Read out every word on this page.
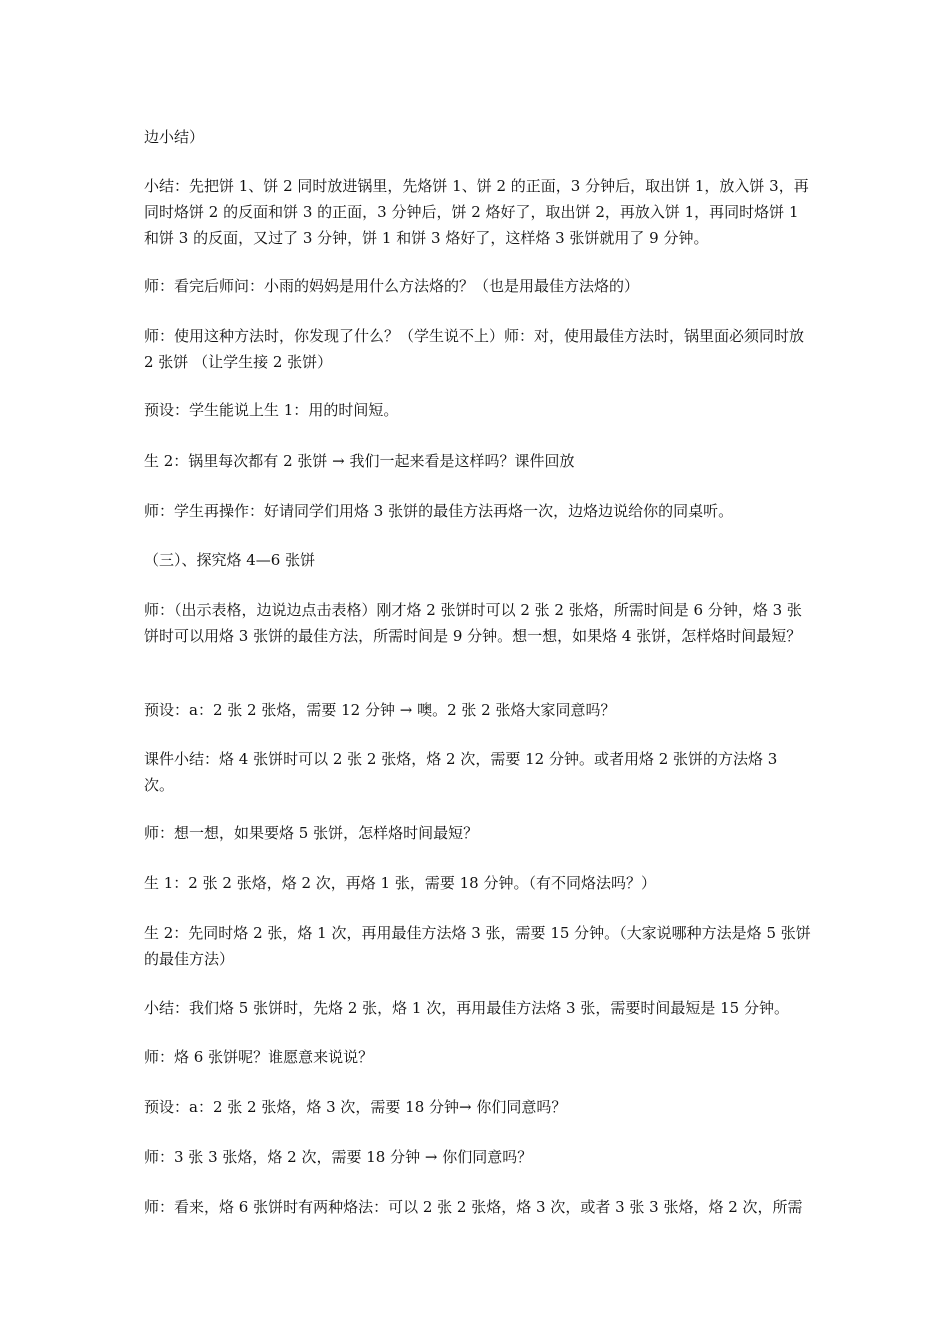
边小结）

小结：先把饼 1、饼 2 同时放进锅里，先烙饼 1、饼 2 的正面，3 分钟后，取出饼 1，放入饼 3，再同时烙饼 2 的反面和饼 3 的正面，3 分钟后，饼 2 烙好了，取出饼 2，再放入饼 1，再同时烙饼 1 和饼 3 的反面，又过了 3 分钟，饼 1 和饼 3 烙好了，这样烙 3 张饼就用了 9 分钟。

师：看完后师问：小雨的妈妈是用什么方法烙的？（也是用最佳方法烙的）

师：使用这种方法时，你发现了什么？（学生说不上）师：对，使用最佳方法时，锅里面必须同时放 2 张饼 （让学生接 2 张饼）

预设：学生能说上生 1：用的时间短。

生 2：锅里每次都有 2 张饼 → 我们一起来看是这样吗？课件回放

师：学生再操作：好请同学们用烙 3 张饼的最佳方法再烙一次，边烙边说给你的同桌听。

（三）、探究烙 4—6 张饼

师：（出示表格，边说边点击表格）刚才烙 2 张饼时可以 2 张 2 张烙，所需时间是 6 分钟，烙 3 张饼时可以用烙 3 张饼的最佳方法，所需时间是 9 分钟。想一想，如果烙 4 张饼，怎样烙时间最短？

预设：a：2 张 2 张烙，需要 12 分钟 → 噢。2 张 2 张烙大家同意吗？

课件小结：烙 4 张饼时可以 2 张 2 张烙，烙 2 次，需要 12 分钟。或者用烙 2 张饼的方法烙 3 次。

师：想一想，如果要烙 5 张饼，怎样烙时间最短？

生 1：2 张 2 张烙，烙 2 次，再烙 1 张，需要 18 分钟。（有不同烙法吗？）

生 2：先同时烙 2 张，烙 1 次，再用最佳方法烙 3 张，需要 15 分钟。（大家说哪种方法是烙 5 张饼的最佳方法）

小结：我们烙 5 张饼时，先烙 2 张，烙 1 次，再用最佳方法烙 3 张，需要时间最短是 15 分钟。

师：烙 6 张饼呢？谁愿意来说说？

预设：a：2 张 2 张烙，烙 3 次，需要 18 分钟→ 你们同意吗？

师：3 张 3 张烙，烙 2 次，需要 18 分钟 → 你们同意吗？

师：看来，烙 6 张饼时有两种烙法：可以 2 张 2 张烙，烙 3 次，或者 3 张 3 张烙，烙 2 次，所需
